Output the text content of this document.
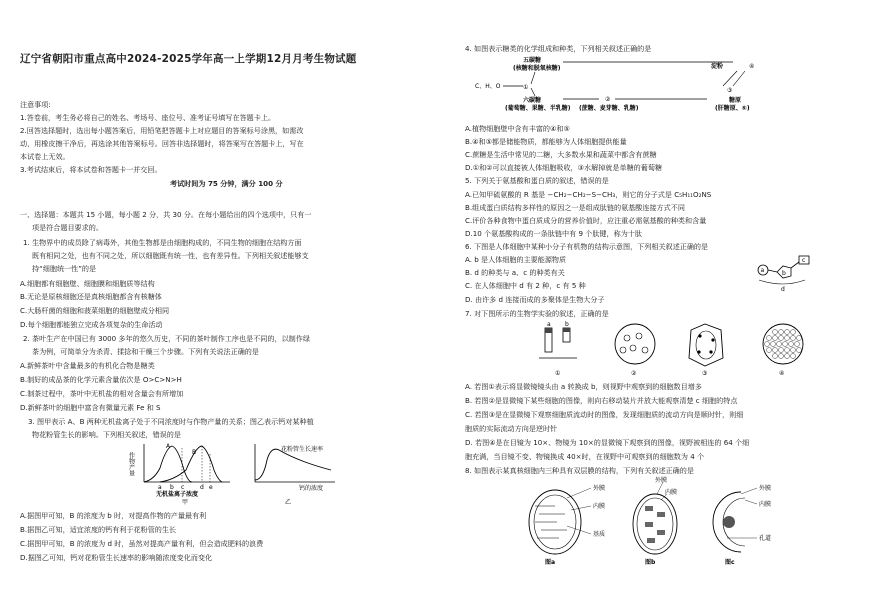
辽宁省朝阳市重点高中2024-2025学年高一上学期12月月考生物试题
注意事项:
1.答卷前，考生务必将自己的姓名、考场号、座位号、准考证号填写在答题卡上。
2.回答选择题时，选出每小题答案后，用铅笔把答题卡上对应题目的答案标号涂黑，如需改
动，用橡皮擦干净后，再选涂其他答案标号。回答非选择题时，将答案写在答题卡上，写在
本试卷上无效。
3.考试结束后，将本试卷和答题卡一并交回。
考试时间为 75 分钟，满分 100 分
一、选择题：本题共 15 小题，每小题 2 分，共 30 分。在每小题给出的四个选项中，只有一
项是符合题目要求的。
1. 生物界中的成员除了病毒外，其他生物都是由细胞构成的，不同生物的细胞在结构方面
既有相同之处，也有不同之处，所以细胞既有统一性，也有差异性。下列相关叙述能够支
持“细胞统一性”的是
A.细胞都有细胞壁、细胞膜和细胞质等结构
B.无论是原核细胞还是真核细胞都含有核糖体
C.大肠杆菌的细胞和菠菜细胞的细胞壁成分相同
D.每个细胞都能独立完成各项复杂的生命活动
2. 茶叶生产在中国已有 3000 多年的悠久历史，不同的茶叶制作工序也是不同的，以制作绿
茶为例，可简单分为杀青、揉捻和干燥三个步骤。下列有关说法正确的是
A.新鲜茶叶中含量最多的有机化合物是糖类
B.制好的成品茶的化学元素含量依次是 O>C>N>H
C.制茶过程中，茶叶中无机盐的相对含量会有所增加
D.新鲜茶叶的细胞中富含有微量元素 Fe 和 S
3. 图甲表示 A、B 两种无机盐离子处于不同浓度时与作物产量的关系；图乙表示钙对某种植
物花粉管生长的影响。下列相关叙述，错误的是
作物产量
A
B
a b c	d e
无机盐离子浓度
甲
花粉管生长速率
钙的浓度
乙
A.据图甲可知，B 的浓度为 b 时，对提高作物的产量最有利
B.据图乙可知，适宜浓度的钙有利于花粉管的生长
C.据图甲可知，B 的浓度为 d 时，虽然对提高产量有利，但会造成肥料的浪费
D.据图乙可知，钙对花粉管生长速率的影响随浓度变化而变化
4. 如图表示糖类的化学组成和种类，下列相关叙述正确的是
五碳糖
(核糖和脱氧核糖)
C、H、O	①
六碳糖
(葡萄糖、果糖、半乳糖)
②
(蔗糖、麦芽糖、乳糖)
淀粉	④
③
糖原
(肝糖原、⑤)
A.植物细胞壁中含有丰富的④和⑤
B.④和⑤都是储能物质，都能够为人体细胞提供能量
C.蔗糖是生活中常见的二糖，大多数水果和蔬菜中都含有蔗糖
D.①和②可以直接被人体细胞吸收，③水解掉就是单糖的葡萄糖
5. 下列关于氨基酸和蛋白质的叙述，错误的是
A.已知甲硫氨酸的 R 基是 −CH₂−CH₂−S−CH₃，则它的分子式是 C₅H₁₁O₂NS
B.组成蛋白质结构多样性的原因之一是组成肽链的氨基酸连接方式不同
C.评价各种食物中蛋白质成分的营养价值时，应注重必需氨基酸的种类和含量
D.10 个氨基酸构成的一条肽链中有 9 个肽键，称为十肽
6. 下图是人体细胞中某种小分子有机物的结构示意图，下列相关叙述正确的是
A. b 是人体细胞的主要能源物质
B. d 的种类与 a、c 的种类有关
C. 在人体细胞中 d 有 2 种，c 有 5 种
D. 由许多 d 连接而成的多聚体是生物大分子
a	b
c
d
7. 对下图所示的生物学实验的叙述，正确的是
a b
①	②	③	④
A. 若图①表示将显微镜镜头由 a 转换成 b，则视野中观察到的细胞数目增多
B. 若图②是显微镜下某些细胞的图像，则向右移动装片并放大能观察清楚 c 细胞的特点
C. 若图③是在显微镜下观察细胞质流动时的图像，发现细胞质的流动方向是顺时针，则细
胞质的实际流动方向是逆时针
D. 若图④是在目镜为 10×、物镜为 10×的显微镜下观察到的图像，视野被相连的 64 个细
胞充满，当目镜不变、物镜换成 40×时，在视野中可观察到的细胞数为 4 个
8. 如图表示某真核细胞内三种具有双层膜的结构，下列有关叙述正确的是
外膜
内膜
基质
图a
外膜
内膜
图b
外膜
内膜
孔道
图c
